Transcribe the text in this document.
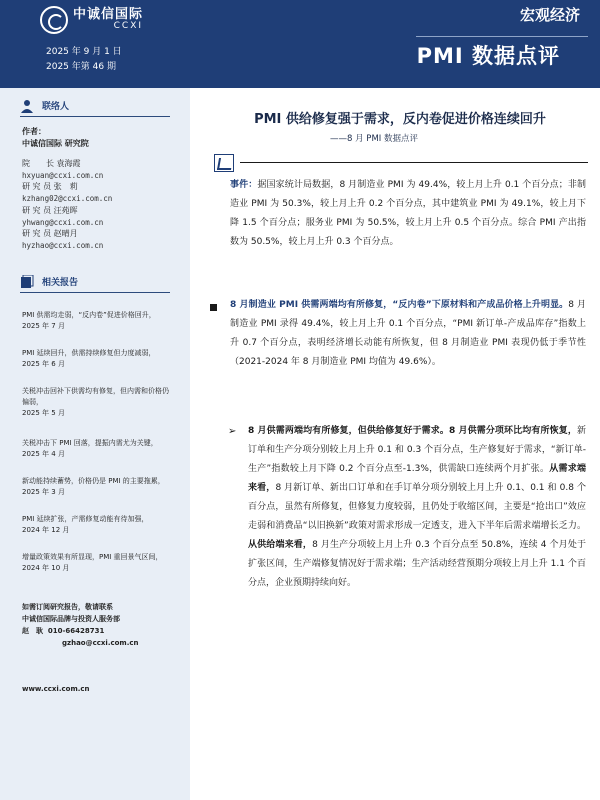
中诚信国际
CCXI
2025 年 9 月 1 日
2025 年第 46 期
宏观经济
PMI 数据点评
联络人
作者：
中诚信国际 研究院
院　　长 袁海霞
hxyuan@ccxi.com.cn
研 究 员 张　莉
kzhang02@ccxi.com.cn
研 究 员 汪苑晖
yhwang@ccxi.com.cn
研 究 员 赵晴月
hyzhao@ccxi.com.cn
相关报告
PMI 供需均走弱，“反内卷”促进价格回升，
2025 年 7 月
PMI 延续回升，供需持续修复但力度减弱，
2025 年 6 月
关税冲击回补下供需均有修复，但内需和价格仍偏弱，
2025 年 5 月
关税冲击下 PMI 回落，提振内需尤为关键，
2025 年 4 月
新动能持续蓄势，价格仍是 PMI 的主要拖累，
2025 年 3 月
PMI 延续扩张，产需修复动能有待加强，
2024 年 12 月
增量政策效果有所显现，PMI 重回景气区间，
2024 年 10 月
如需订阅研究报告，敬请联系
中诚信国际品牌与投资人服务部
赵　耿 010-66428731
gzhao@ccxi.com.cn
www.ccxi.com.cn
PMI 供给修复强于需求，反内卷促进价格连续回升
——8 月 PMI 数据点评
事件：据国家统计局数据，8 月制造业 PMI 为 49.4%，较上月上升 0.1 个百分点；非制造业 PMI 为 50.3%，较上月上升 0.2 个百分点，其中建筑业 PMI 为 49.1%，较上月下降 1.5 个百分点；服务业 PMI 为 50.5%，较上月上升 0.5 个百分点。综合 PMI 产出指数为 50.5%，较上月上升 0.3 个百分点。
8 月制造业 PMI 供需两端均有所修复，“反内卷”下原材料和产成品价格上升明显。8 月制造业 PMI 录得 49.4%，较上月上升 0.1 个百分点，“PMI 新订单-产成品库存”指数上升 0.7 个百分点，表明经济增长动能有所恢复，但 8 月制造业 PMI 表现仍低于季节性（2021-2024 年 8 月制造业 PMI 均值为 49.6%）。
➢ 8 月供需两端均有所修复，但供给修复好于需求。8 月供需分项环比均有所恢复，新订单和生产分项分别较上月上升 0.1 和 0.3 个百分点，生产修复好于需求，“新订单-生产”指数较上月下降 0.2 个百分点至-1.3%，供需缺口连续两个月扩张。从需求端来看，8 月新订单、新出口订单和在手订单分项分别较上月上升 0.1、0.1 和 0.8 个百分点，虽然有所修复，但修复力度较弱，且仍处于收缩区间，主要是“抢出口”效应走弱和消费品“以旧换新”政策对需求形成一定透支，进入下半年后需求端增长乏力。从供给端来看，8 月生产分项较上月上升 0.3 个百分点至 50.8%，连续 4 个月处于扩张区间，生产端修复情况好于需求端；生产活动经营预期分项较上月上升 1.1 个百分点，企业预期持续向好。
